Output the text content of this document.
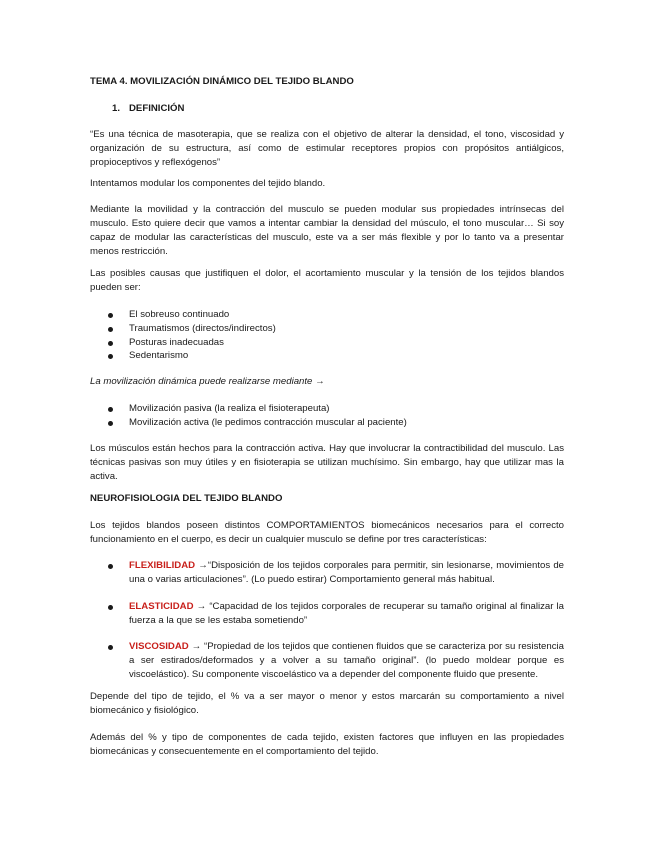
TEMA 4. MOVILIZACIÓN DINÁMICO DEL TEJIDO BLANDO
1. DEFINICIÓN

“Es una técnica de masoterapia, que se realiza con el objetivo de alterar la densidad, el tono, viscosidad y organización de su estructura, así como de estimular receptores propios con propósitos antiálgicos, propioceptivos y reflexógenos”

Intentamos modular los componentes del tejido blando.

Mediante la movilidad y la contracción del musculo se pueden modular sus propiedades intrínsecas del musculo. Esto quiere decir que vamos a intentar cambiar la densidad del músculo, el tono muscular… Si soy capaz de modular las características del musculo, este va a ser más flexible y por lo tanto va a presentar menos restricción.

Las posibles causas que justifiquen el dolor, el acortamiento muscular y la tensión de los tejidos blandos pueden ser:

El sobreuso continuado
Traumatismos (directos/indirectos)
Posturas inadecuadas
Sedentarismo

La movilización dinámica puede realizarse mediante →

Movilización pasiva (la realiza el fisioterapeuta)
Movilización activa (le pedimos contracción muscular al paciente)

Los músculos están hechos para la contracción activa. Hay que involucrar la contractibilidad del musculo. Las técnicas pasivas son muy útiles y en fisioterapia se utilizan muchísimo. Sin embargo, hay que utilizar mas la activa.

NEUROFISIOLOGIA DEL TEJIDO BLANDO

Los tejidos blandos poseen distintos COMPORTAMIENTOS biomecánicos necesarios para el correcto funcionamiento en el cuerpo, es decir un cualquier musculo se define por tres características:

FLEXIBILIDAD →“Disposición de los tejidos corporales para permitir, sin lesionarse, movimientos de una o varias articulaciones”. (Lo puedo estirar) Comportamiento general más habitual.
ELASTICIDAD → “Capacidad de los tejidos corporales de recuperar su tamaño original al finalizar la fuerza a la que se les estaba sometiendo”
VISCOSIDAD → “Propiedad de los tejidos que contienen fluidos que se caracteriza por su resistencia a ser estirados/deformados y a volver a su tamaño original”. (lo puedo moldear porque es viscoelástico). Su componente viscoelástico va a depender del componente fluido que presente.

Depende del tipo de tejido, el % va a ser mayor o menor y estos marcarán su comportamiento a nivel biomecánico y fisiológico.

Además del % y tipo de componentes de cada tejido, existen factores que influyen en las propiedades biomecánicas y consecuentemente en el comportamiento del tejido.
